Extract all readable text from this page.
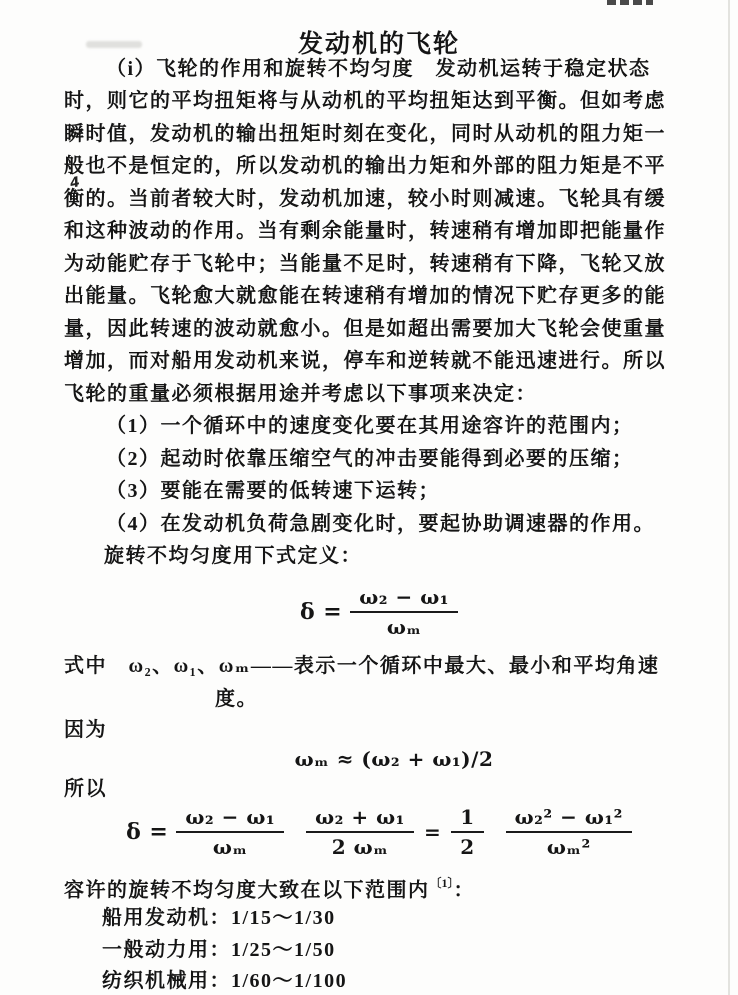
发动机的飞轮
（i）飞轮的作用和旋转不均匀度　发动机运转于稳定状态
时，则它的平均扭矩将与从动机的平均扭矩达到平衡。但如考虑
瞬时值，发动机的输出扭矩时刻在变化，同时从动机的阻力矩一
般也不是恒定的，所以发动机的输出力矩和外部的阻力矩是不平
衡的。当前者较大时，发动机加速，较小时则减速。飞轮具有缓
和这种波动的作用。当有剩余能量时，转速稍有增加即把能量作
为动能贮存于飞轮中；当能量不足时，转速稍有下降，飞轮又放
出能量。飞轮愈大就愈能在转速稍有增加的情况下贮存更多的能
量，因此转速的波动就愈小。但是如超出需要加大飞轮会使重量
增加，而对船用发动机来说，停车和逆转就不能迅速进行。所以
飞轮的重量必须根据用途并考虑以下事项来决定：
4
（1）一个循环中的速度变化要在其用途容许的范围内；
（2）起动时依靠压缩空气的冲击要能得到必要的压缩；
（3）要能在需要的低转速下运转；
（4）在发动机负荷急剧变化时，要起协助调速器的作用。
旋转不均匀度用下式定义：
$\delta = \frac{\text{ω₂ − ω₁}}{\text{ωₘ}}$
式中　ω₂、ω₁、ωₘ——表示一个循环中最大、最小和平均角速
度。
因为
ωₘ ≈ (ω₂ + ω₁)/2
所以
$\delta = \frac{\text{ω₂ − ω₁}}{\text{ωₘ}} \frac{\text{ω₂ + ω₁}}{\text{2 ωₘ}} = \frac{1}{2} \frac{\text{ω₂² − ω₁²}}{\text{ωₘ²}}$
容许的旋转不均匀度大致在以下范围内$^{〔1〕}$：
船用发动机：1/15～1/30
一般动力用：1/25～1/50
纺织机械用：1/60～1/100
